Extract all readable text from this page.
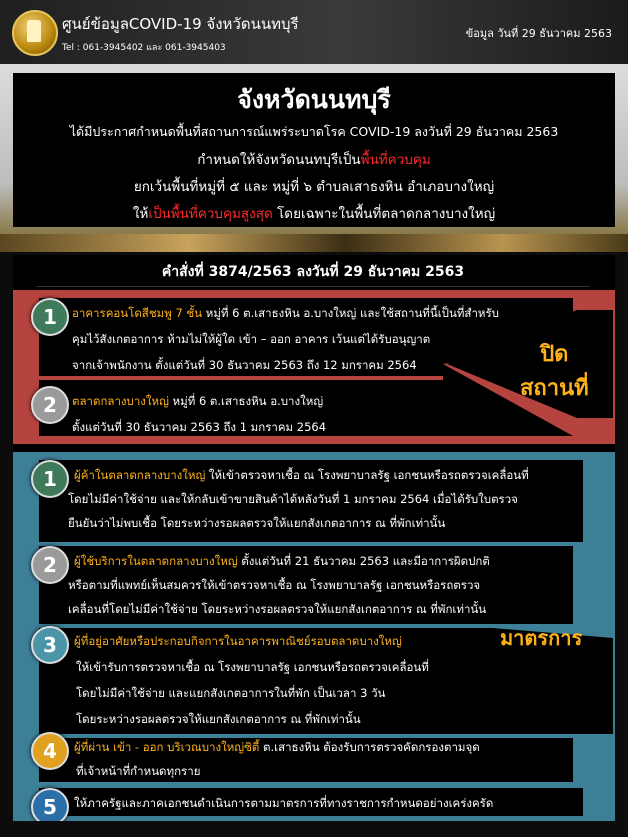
ศูนย์ข้อมูลCOVID-19 จังหวัดนนทบุรี
Tel : 061-3945402 และ 061-3945403
ข้อมูล วันที่ 29 ธันวาคม 2563
จังหวัดนนทบุรี
ได้มีประกาศกำหนดพื้นที่สถานการณ์แพร่ระบาดโรค COVID-19 ลงวันที่ 29 ธันวาคม 2563
กำหนดให้จังหวัดนนทบุรีเป็นพื้นที่ควบคุม
ยกเว้นพื้นที่หมู่ที่ ๕ และ หมู่ที่ ๖ ตำบลเสาธงหิน อำเภอบางใหญ่
ให้เป็นพื้นที่ควบคุมสูงสุด โดยเฉพาะในพื้นที่ตลาดกลางบางใหญ่
คำสั่งที่ 3874/2563 ลงวันที่ 29 ธันวาคม 2563
ปิด
สถานที่
1	อาคารคอนโดสีชมพู 7 ชั้น หมู่ที่ 6 ต.เสาธงหิน อ.บางใหญ่ และใช้สถานที่นี้เป็นที่สำหรับ
คุมไว้สังเกตอาการ ห้ามไม่ให้ผู้ใด เข้า – ออก อาคาร เว้นแต่ได้รับอนุญาต
จากเจ้าพนักงาน ตั้งแต่วันที่ 30 ธันวาคม 2563 ถึง 12 มกราคม 2564
2	ตลาดกลางบางใหญ่ หมู่ที่ 6 ต.เสาธงหิน อ.บางใหญ่
ตั้งแต่วันที่ 30 ธันวาคม 2563 ถึง 1 มกราคม 2564
มาตรการ
1	ผู้ค้าในตลาดกลางบางใหญ่ ให้เข้าตรวจหาเชื้อ ณ โรงพยาบาลรัฐ เอกชนหรือรถตรวจเคลื่อนที่
โดยไม่มีค่าใช้จ่าย และให้กลับเข้าขายสินค้าได้หลังวันที่ 1 มกราคม 2564 เมื่อได้รับใบตรวจ
ยืนยันว่าไม่พบเชื้อ โดยระหว่างรอผลตรวจให้แยกสังเกตอาการ ณ ที่พักเท่านั้น
2	ผู้ใช้บริการในตลาดกลางบางใหญ่ ตั้งแต่วันที่ 21 ธันวาคม 2563 และมีอาการผิดปกติ
หรือตามที่แพทย์เห็นสมควรให้เข้าตรวจหาเชื้อ ณ โรงพยาบาลรัฐ เอกชนหรือรถตรวจ
เคลื่อนที่โดยไม่มีค่าใช้จ่าย โดยระหว่างรอผลตรวจให้แยกสังเกตอาการ ณ ที่พักเท่านั้น
3	ผู้ที่อยู่อาศัยหรือประกอบกิจการในอาคารพาณิชย์รอบตลาดบางใหญ่
ให้เข้ารับการตรวจหาเชื้อ ณ โรงพยาบาลรัฐ เอกชนหรือรถตรวจเคลื่อนที่
โดยไม่มีค่าใช้จ่าย และแยกสังเกตอาการในที่พัก เป็นเวลา 3 วัน
โดยระหว่างรอผลตรวจให้แยกสังเกตอาการ ณ ที่พักเท่านั้น
4	ผู้ที่ผ่าน เข้า - ออก บริเวณบางใหญ่ซิตี้ ต.เสาธงหิน ต้องรับการตรวจคัดกรองตามจุด
ที่เจ้าหน้าที่กำหนดทุกราย
5	ให้ภาครัฐและภาคเอกชนดำเนินการตามมาตรการที่ทางราชการกำหนดอย่างเคร่งครัด
